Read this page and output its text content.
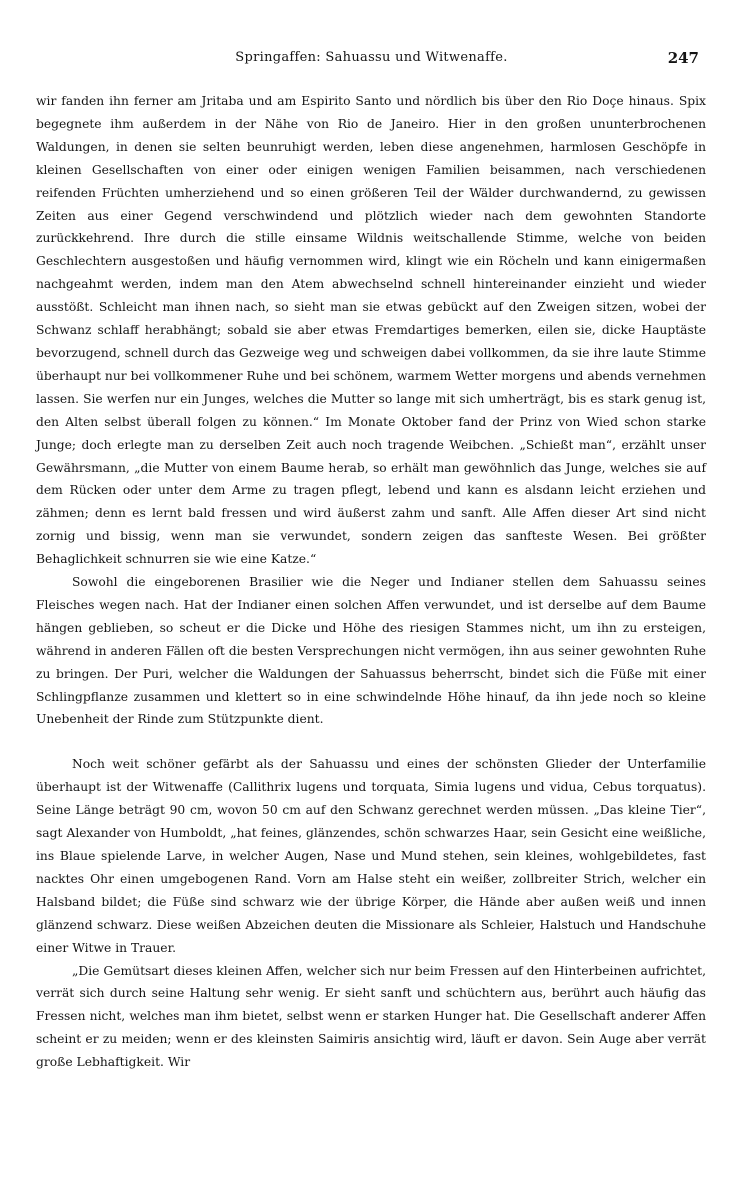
Springaffen: Sahuassu und Witwenaffe.	247

wir fanden ihn ferner am Jritaba und am Espirito Santo und nördlich bis über den Rio Doçe hinaus. Spix begegnete ihm außerdem in der Nähe von Rio de Janeiro. Hier in den großen ununterbrochenen Waldungen, in denen sie selten beunruhigt werden, leben diese angenehmen, harmlosen Geschöpfe in kleinen Gesellschaften von einer oder einigen wenigen Familien beisammen, nach verschiedenen reifenden Früchten umherziehend und so einen größeren Teil der Wälder durchwandernd, zu gewissen Zeiten aus einer Gegend verschwindend und plötzlich wieder nach dem gewohnten Standorte zurückkehrend. Ihre durch die stille einsame Wildnis weitschallende Stimme, welche von beiden Geschlechtern ausgestoßen und häufig vernommen wird, klingt wie ein Röcheln und kann einigermaßen nachgeahmt werden, indem man den Atem abwechselnd schnell hintereinander einzieht und wieder ausstößt. Schleicht man ihnen nach, so sieht man sie etwas gebückt auf den Zweigen sitzen, wobei der Schwanz schlaff herabhängt; sobald sie aber etwas Fremdartiges bemerken, eilen sie, dicke Hauptäste bevorzugend, schnell durch das Gezweige weg und schweigen dabei vollkommen, da sie ihre laute Stimme überhaupt nur bei vollkommener Ruhe und bei schönem, warmem Wetter morgens und abends vernehmen lassen. Sie werfen nur ein Junges, welches die Mutter so lange mit sich umherträgt, bis es stark genug ist, den Alten selbst überall folgen zu können.“ Im Monate Oktober fand der Prinz von Wied schon starke Junge; doch erlegte man zu derselben Zeit auch noch tragende Weibchen. „Schießt man“, erzählt unser Gewährsmann, „die Mutter von einem Baume herab, so erhält man gewöhnlich das Junge, welches sie auf dem Rücken oder unter dem Arme zu tragen pflegt, lebend und kann es alsdann leicht erziehen und zähmen; denn es lernt bald fressen und wird äußerst zahm und sanft. Alle Affen dieser Art sind nicht zornig und bissig, wenn man sie verwundet, sondern zeigen das sanfteste Wesen. Bei größter Behaglichkeit schnurren sie wie eine Katze.“

Sowohl die eingeborenen Brasilier wie die Neger und Indianer stellen dem Sahuassu seines Fleisches wegen nach. Hat der Indianer einen solchen Affen verwundet, und ist derselbe auf dem Baume hängen geblieben, so scheut er die Dicke und Höhe des riesigen Stammes nicht, um ihn zu ersteigen, während in anderen Fällen oft die besten Versprechungen nicht vermögen, ihn aus seiner gewohnten Ruhe zu bringen. Der Puri, welcher die Waldungen der Sahuassus beherrscht, bindet sich die Füße mit einer Schlingpflanze zusammen und klettert so in eine schwindelnde Höhe hinauf, da ihn jede noch so kleine Unebenheit der Rinde zum Stützpunkte dient.

Noch weit schöner gefärbt als der Sahuassu und eines der schönsten Glieder der Unterfamilie überhaupt ist der Witwenaffe (Callithrix lugens und torquata, Simia lugens und vidua, Cebus torquatus). Seine Länge beträgt 90 cm, wovon 50 cm auf den Schwanz gerechnet werden müssen. „Das kleine Tier“, sagt Alexander von Humboldt, „hat feines, glänzendes, schön schwarzes Haar, sein Gesicht eine weißliche, ins Blaue spielende Larve, in welcher Augen, Nase und Mund stehen, sein kleines, wohlgebildetes, fast nacktes Ohr einen umgebogenen Rand. Vorn am Halse steht ein weißer, zollbreiter Strich, welcher ein Halsband bildet; die Füße sind schwarz wie der übrige Körper, die Hände aber außen weiß und innen glänzend schwarz. Diese weißen Abzeichen deuten die Missionare als Schleier, Halstuch und Handschuhe einer Witwe in Trauer.

„Die Gemütsart dieses kleinen Affen, welcher sich nur beim Fressen auf den Hinterbeinen aufrichtet, verrät sich durch seine Haltung sehr wenig. Er sieht sanft und schüchtern aus, berührt auch häufig das Fressen nicht, welches man ihm bietet, selbst wenn er starken Hunger hat. Die Gesellschaft anderer Affen scheint er zu meiden; wenn er des kleinsten Saimiris ansichtig wird, läuft er davon. Sein Auge aber verrät große Lebhaftigkeit. Wir
